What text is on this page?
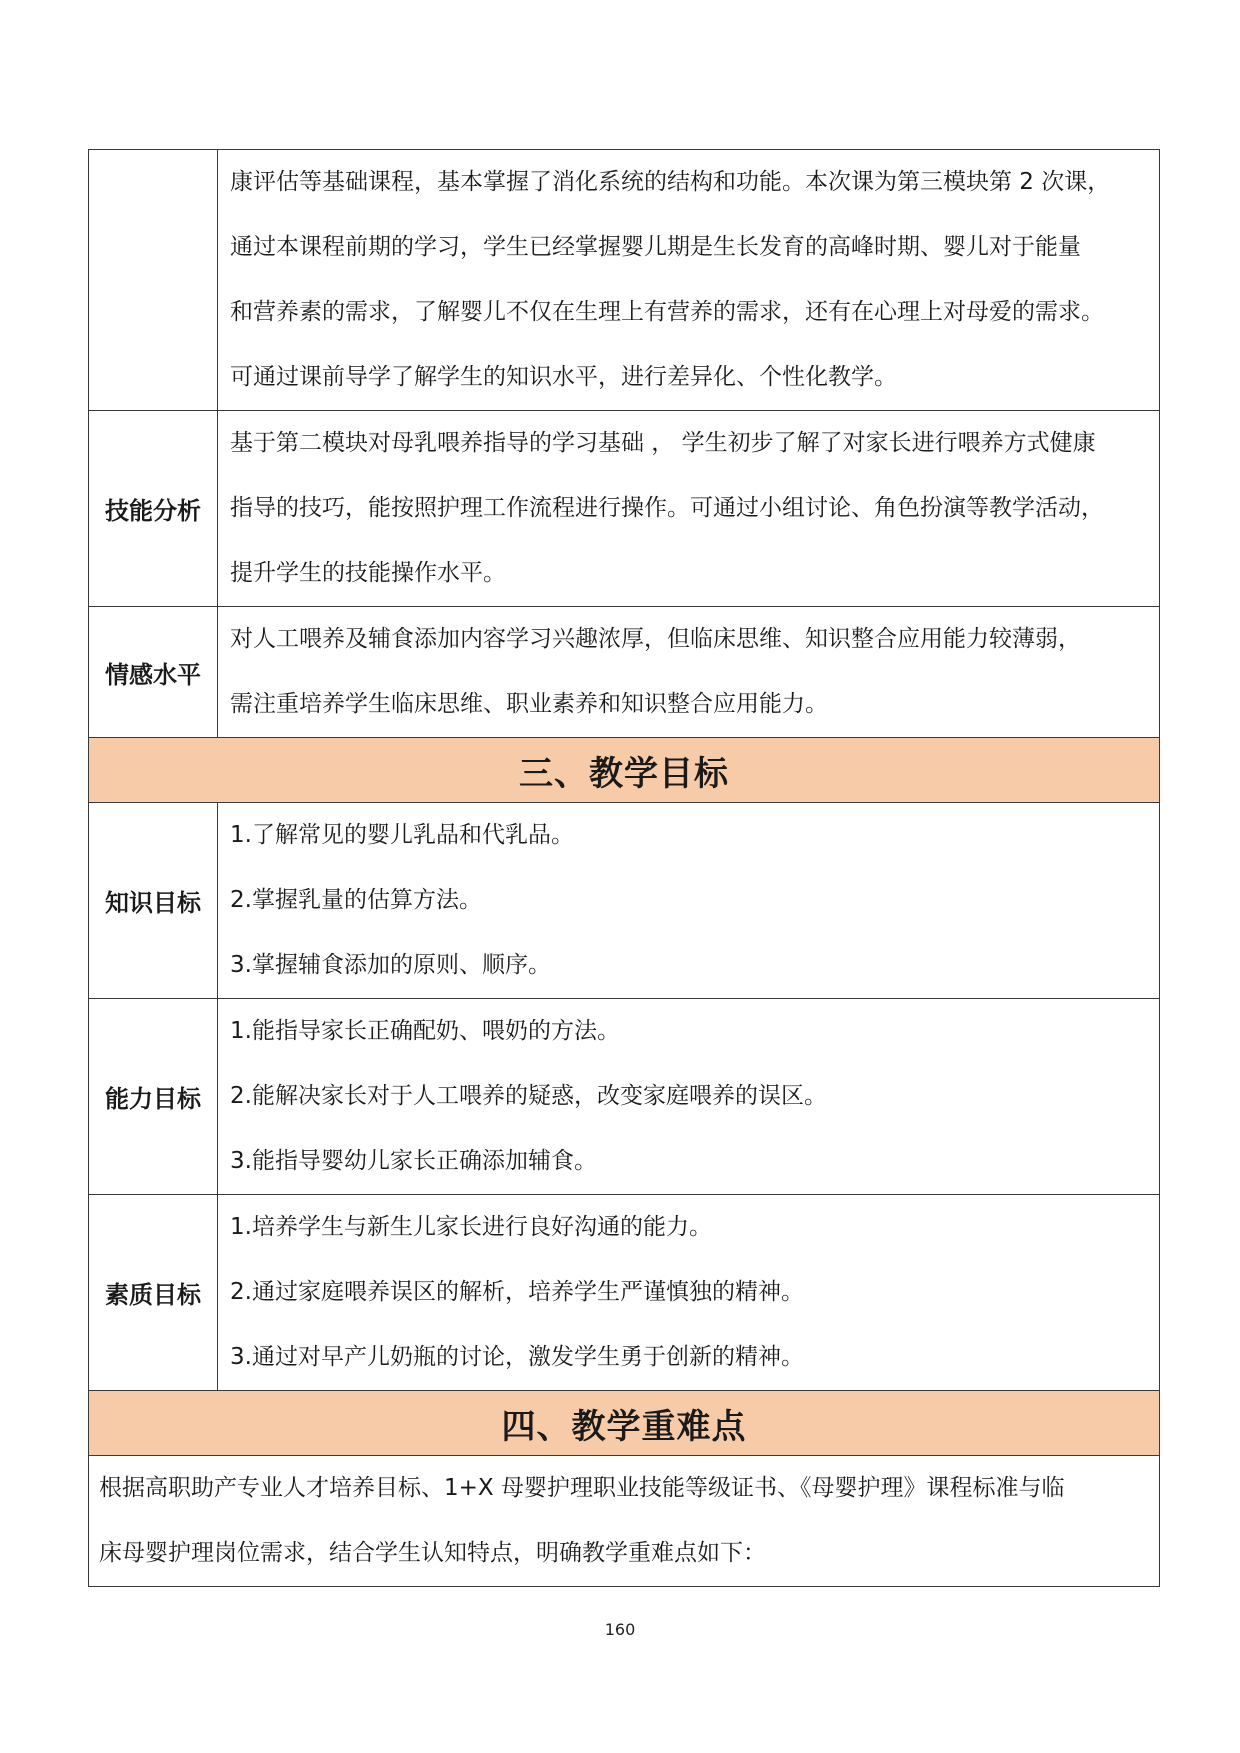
	康评估等基础课程，基本掌握了消化系统的结构和功能。本次课为第三模块第 2 次课，
通过本课程前期的学习，学生已经掌握婴儿期是生长发育的高峰时期、婴儿对于能量
和营养素的需求，了解婴儿不仅在生理上有营养的需求，还有在心理上对母爱的需求。
可通过课前导学了解学生的知识水平，进行差异化、个性化教学。

技能分析	基于第二模块对母乳喂养指导的学习基础 ， 学生初步了解了对家长进行喂养方式健康
指导的技巧，能按照护理工作流程进行操作。可通过小组讨论、角色扮演等教学活动，
提升学生的技能操作水平。

情感水平	对人工喂养及辅食添加内容学习兴趣浓厚，但临床思维、知识整合应用能力较薄弱，
需注重培养学生临床思维、职业素养和知识整合应用能力。

三、教学目标	
知识目标	1.了解常见的婴儿乳品和代乳品。
2.掌握乳量的估算方法。
3.掌握辅食添加的原则、顺序。

能力目标	1.能指导家长正确配奶、喂奶的方法。
2.能解决家长对于人工喂养的疑惑，改变家庭喂养的误区。
3.能指导婴幼儿家长正确添加辅食。

素质目标	1.培养学生与新生儿家长进行良好沟通的能力。
2.通过家庭喂养误区的解析，培养学生严谨慎独的精神。
3.通过对早产儿奶瓶的讨论，激发学生勇于创新的精神。

四、教学重难点	

根据高职助产专业人才培养目标、1+X 母婴护理职业技能等级证书、《母婴护理》课程标准与临
床母婴护理岗位需求，结合学生认知特点，明确教学重难点如下：	
160
